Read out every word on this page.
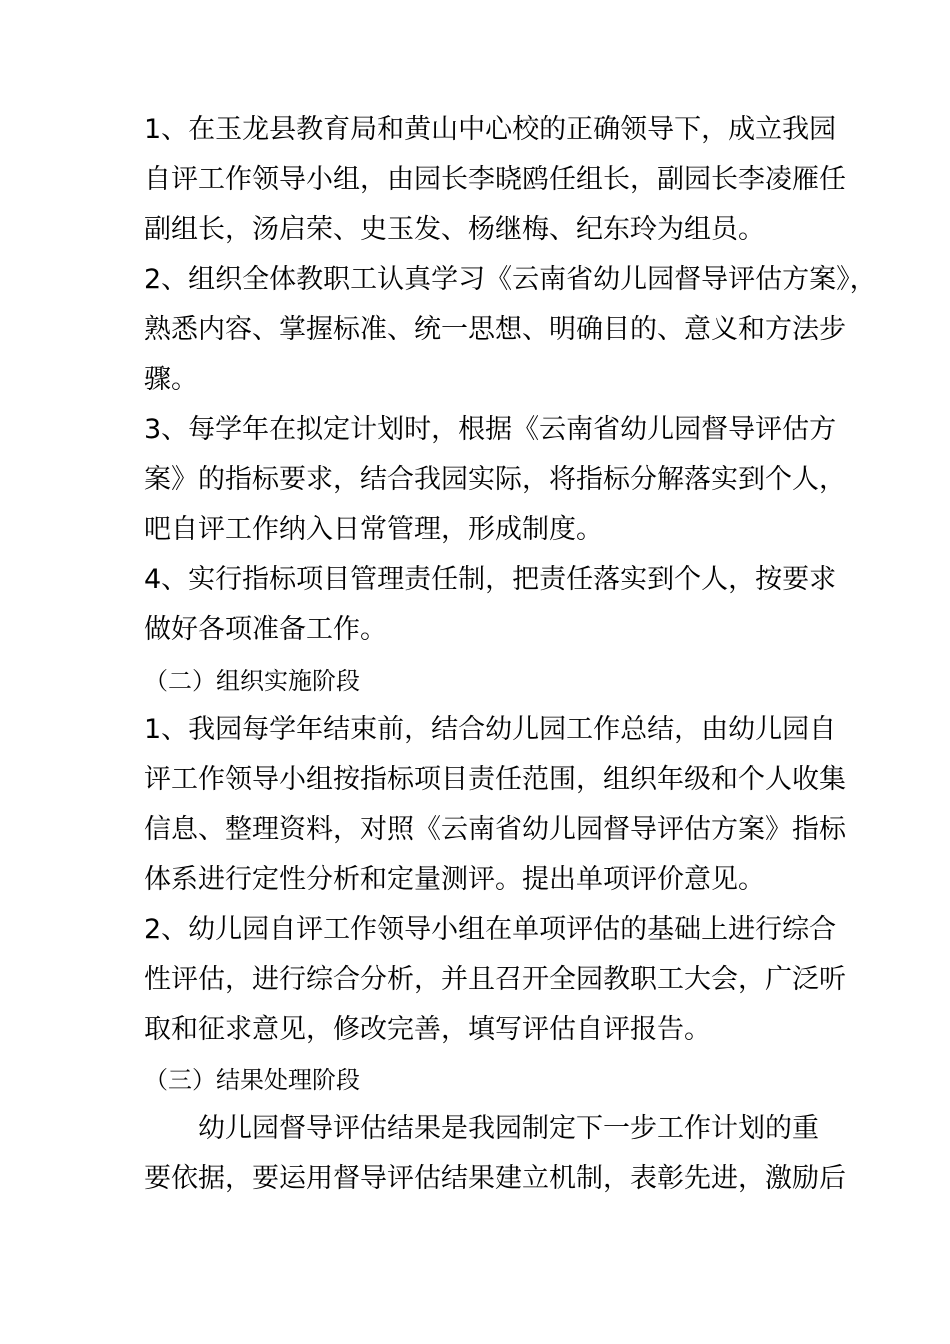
1、在玉龙县教育局和黄山中心校的正确领导下，成立我园
自评工作领导小组，由园长李晓鸥任组长，副园长李凌雁任
副组长，汤启荣、史玉发、杨继梅、纪东玲为组员。
2、组织全体教职工认真学习《云南省幼儿园督导评估方案》，
熟悉内容、掌握标准、统一思想、明确目的、意义和方法步
骤。
3、每学年在拟定计划时，根据《云南省幼儿园督导评估方
案》的指标要求，结合我园实际，将指标分解落实到个人，
吧自评工作纳入日常管理，形成制度。
4、实行指标项目管理责任制，把责任落实到个人，按要求
做好各项准备工作。
（二）组织实施阶段
1、我园每学年结束前，结合幼儿园工作总结，由幼儿园自
评工作领导小组按指标项目责任范围，组织年级和个人收集
信息、整理资料，对照《云南省幼儿园督导评估方案》指标
体系进行定性分析和定量测评。提出单项评价意见。
2、幼儿园自评工作领导小组在单项评估的基础上进行综合
性评估，进行综合分析，并且召开全园教职工大会，广泛听
取和征求意见，修改完善，填写评估自评报告。
（三）结果处理阶段
　　幼儿园督导评估结果是我园制定下一步工作计划的重
要依据，要运用督导评估结果建立机制，表彰先进，激励后
